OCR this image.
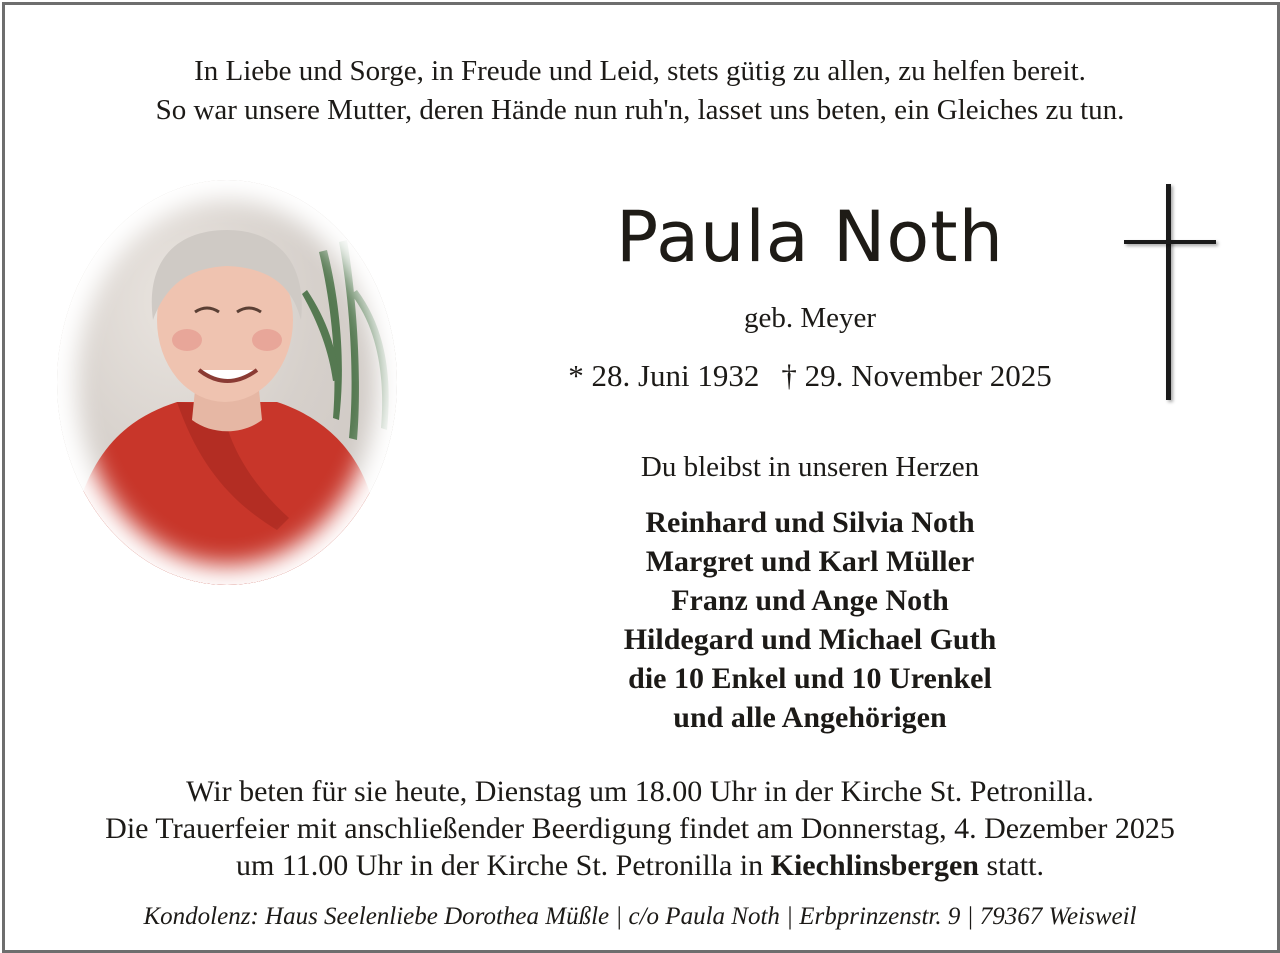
In Liebe und Sorge, in Freude und Leid, stets gütig zu allen, zu helfen bereit.
So war unsere Mutter, deren Hände nun ruh'n, lasset uns beten, ein Gleiches zu tun.
Paula Noth
geb. Meyer
* 28. Juni 1932 † 29. November 2025
Du bleibst in unseren Herzen
Reinhard und Silvia Noth
Margret und Karl Müller
Franz und Ange Noth
Hildegard und Michael Guth
die 10 Enkel und 10 Urenkel
und alle Angehörigen
Wir beten für sie heute, Dienstag um 18.00 Uhr in der Kirche St. Petronilla.
Die Trauerfeier mit anschließender Beerdigung findet am Donnerstag, 4. Dezember 2025
um 11.00 Uhr in der Kirche St. Petronilla in Kiechlinsbergen statt.
Kondolenz: Haus Seelenliebe Dorothea Müßle | c/o Paula Noth | Erbprinzenstr. 9 | 79367 Weisweil
